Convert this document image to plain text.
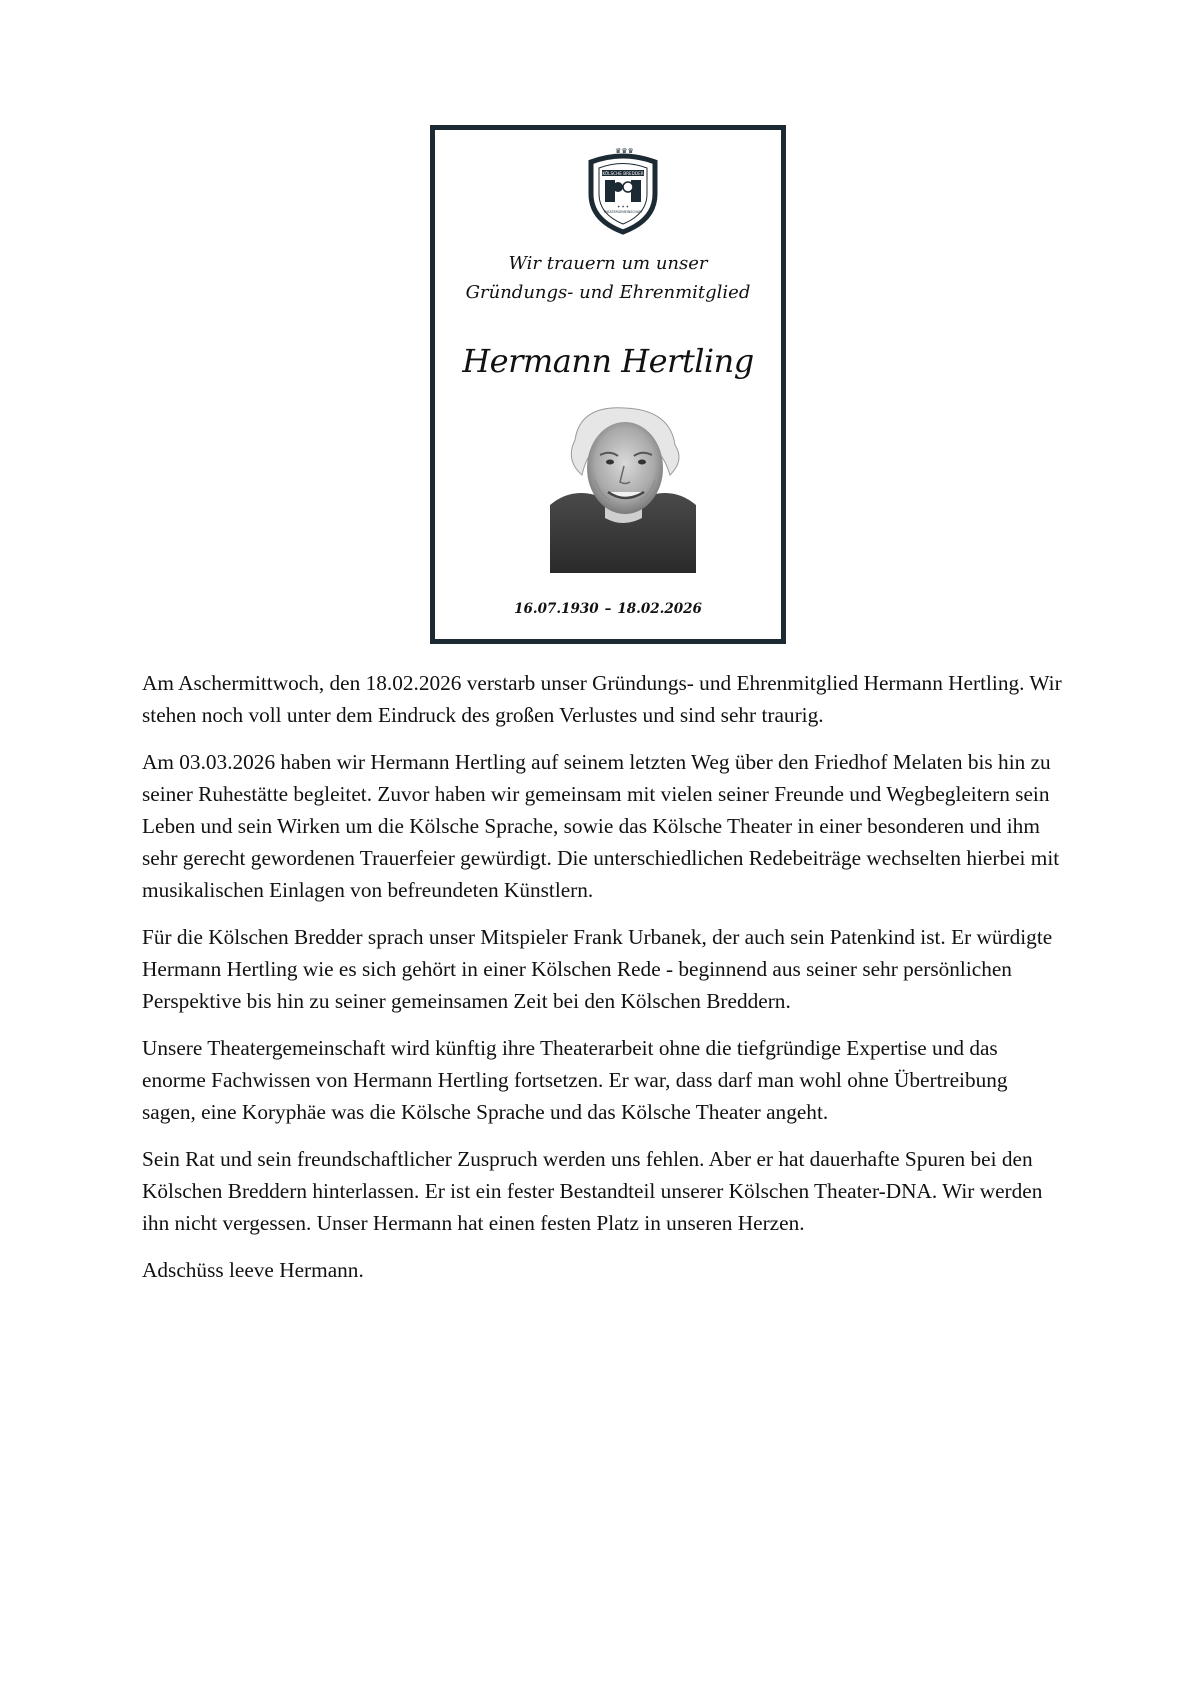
♛♛♛
KÖLSCHE BREDDER
✦ ✦ ✦
THEATERGEMEINSCHAFT
Wir trauern um unser
Gründungs- und Ehrenmitglied
Hermann Hertling
16.07.1930 – 18.02.2026

Am Aschermittwoch, den 18.02.2026 verstarb unser Gründungs- und Ehrenmitglied Hermann Hertling. Wir stehen noch voll unter dem Eindruck des großen Verlustes und sind sehr traurig.

Am 03.03.2026 haben wir Hermann Hertling auf seinem letzten Weg über den Friedhof Melaten bis hin zu seiner Ruhestätte begleitet. Zuvor haben wir gemeinsam mit vielen seiner Freunde und Wegbegleitern sein Leben und sein Wirken um die Kölsche Sprache, sowie das Kölsche Theater in einer besonderen und ihm sehr gerecht gewordenen Trauerfeier gewürdigt. Die unterschiedlichen Redebeiträge wechselten hierbei mit musikalischen Einlagen von befreundeten Künstlern.

Für die Kölschen Bredder sprach unser Mitspieler Frank Urbanek, der auch sein Patenkind ist. Er würdigte Hermann Hertling wie es sich gehört in einer Kölschen Rede - beginnend aus seiner sehr persönlichen Perspektive bis hin zu seiner gemeinsamen Zeit bei den Kölschen Breddern.

Unsere Theatergemeinschaft wird künftig ihre Theaterarbeit ohne die tiefgründige Expertise und das enorme Fachwissen von Hermann Hertling fortsetzen. Er war, dass darf man wohl ohne Übertreibung sagen, eine Koryphäe was die Kölsche Sprache und das Kölsche Theater angeht.

Sein Rat und sein freundschaftlicher Zuspruch werden uns fehlen. Aber er hat dauerhafte Spuren bei den Kölschen Breddern hinterlassen. Er ist ein fester Bestandteil unserer Kölschen Theater-DNA. Wir werden ihn nicht vergessen. Unser Hermann hat einen festen Platz in unseren Herzen.

Adschüss leeve Hermann.
